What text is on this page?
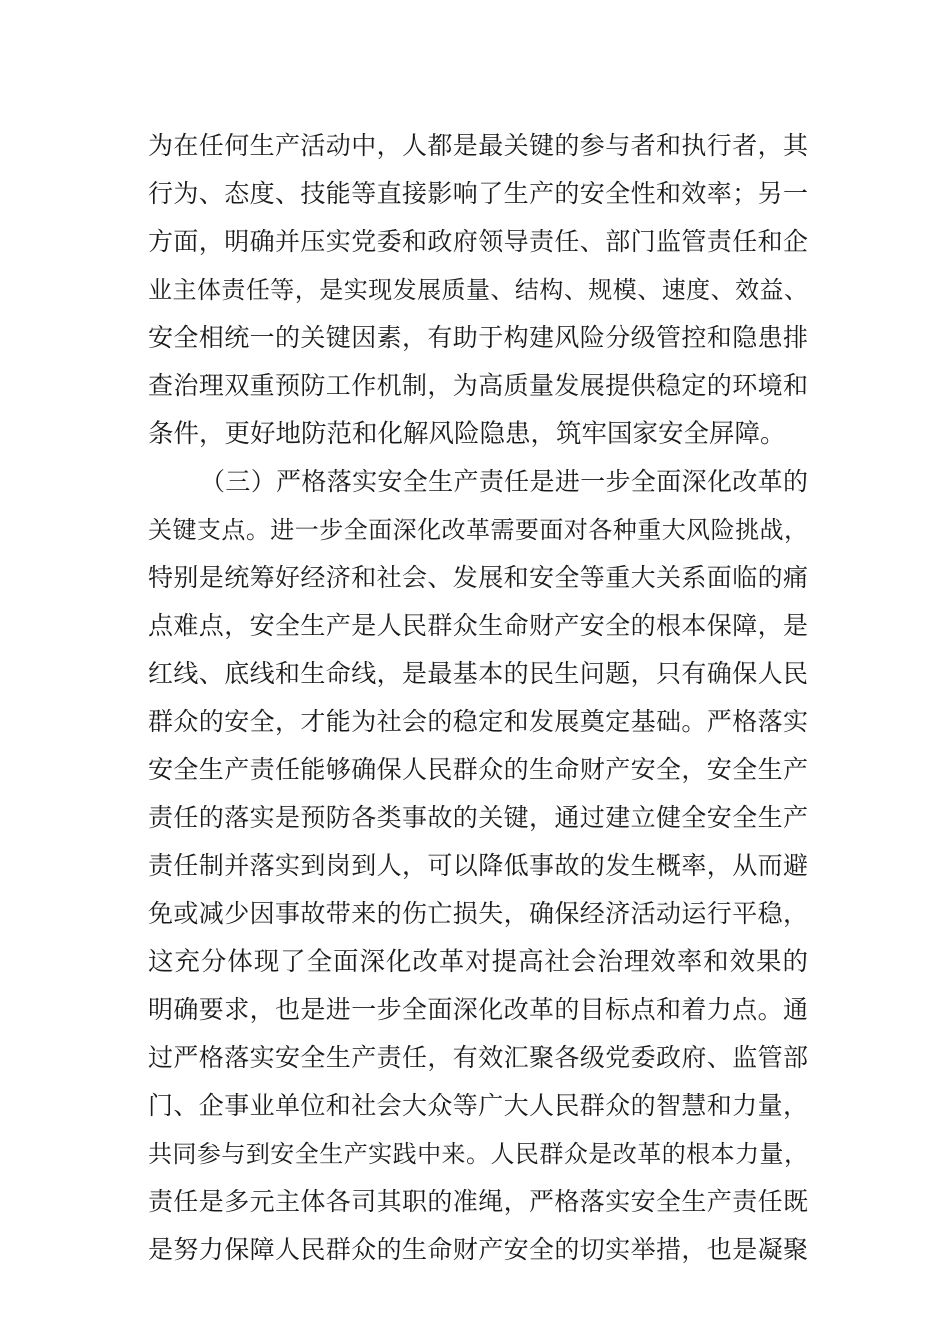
为在任何生产活动中，人都是最关键的参与者和执行者，其
行为、态度、技能等直接影响了生产的安全性和效率；另一
方面，明确并压实党委和政府领导责任、部门监管责任和企
业主体责任等，是实现发展质量、结构、规模、速度、效益、
安全相统一的关键因素，有助于构建风险分级管控和隐患排
查治理双重预防工作机制，为高质量发展提供稳定的环境和
条件，更好地防范和化解风险隐患，筑牢国家安全屏障。
（三）严格落实安全生产责任是进一步全面深化改革的
关键支点。进一步全面深化改革需要面对各种重大风险挑战，
特别是统筹好经济和社会、发展和安全等重大关系面临的痛
点难点，安全生产是人民群众生命财产安全的根本保障，是
红线、底线和生命线，是最基本的民生问题，只有确保人民
群众的安全，才能为社会的稳定和发展奠定基础。严格落实
安全生产责任能够确保人民群众的生命财产安全，安全生产
责任的落实是预防各类事故的关键，通过建立健全安全生产
责任制并落实到岗到人，可以降低事故的发生概率，从而避
免或减少因事故带来的伤亡损失，确保经济活动运行平稳，
这充分体现了全面深化改革对提高社会治理效率和效果的
明确要求，也是进一步全面深化改革的目标点和着力点。通
过严格落实安全生产责任，有效汇聚各级党委政府、监管部
门、企事业单位和社会大众等广大人民群众的智慧和力量，
共同参与到安全生产实践中来。人民群众是改革的根本力量，
责任是多元主体各司其职的准绳，严格落实安全生产责任既
是努力保障人民群众的生命财产安全的切实举措，也是凝聚
